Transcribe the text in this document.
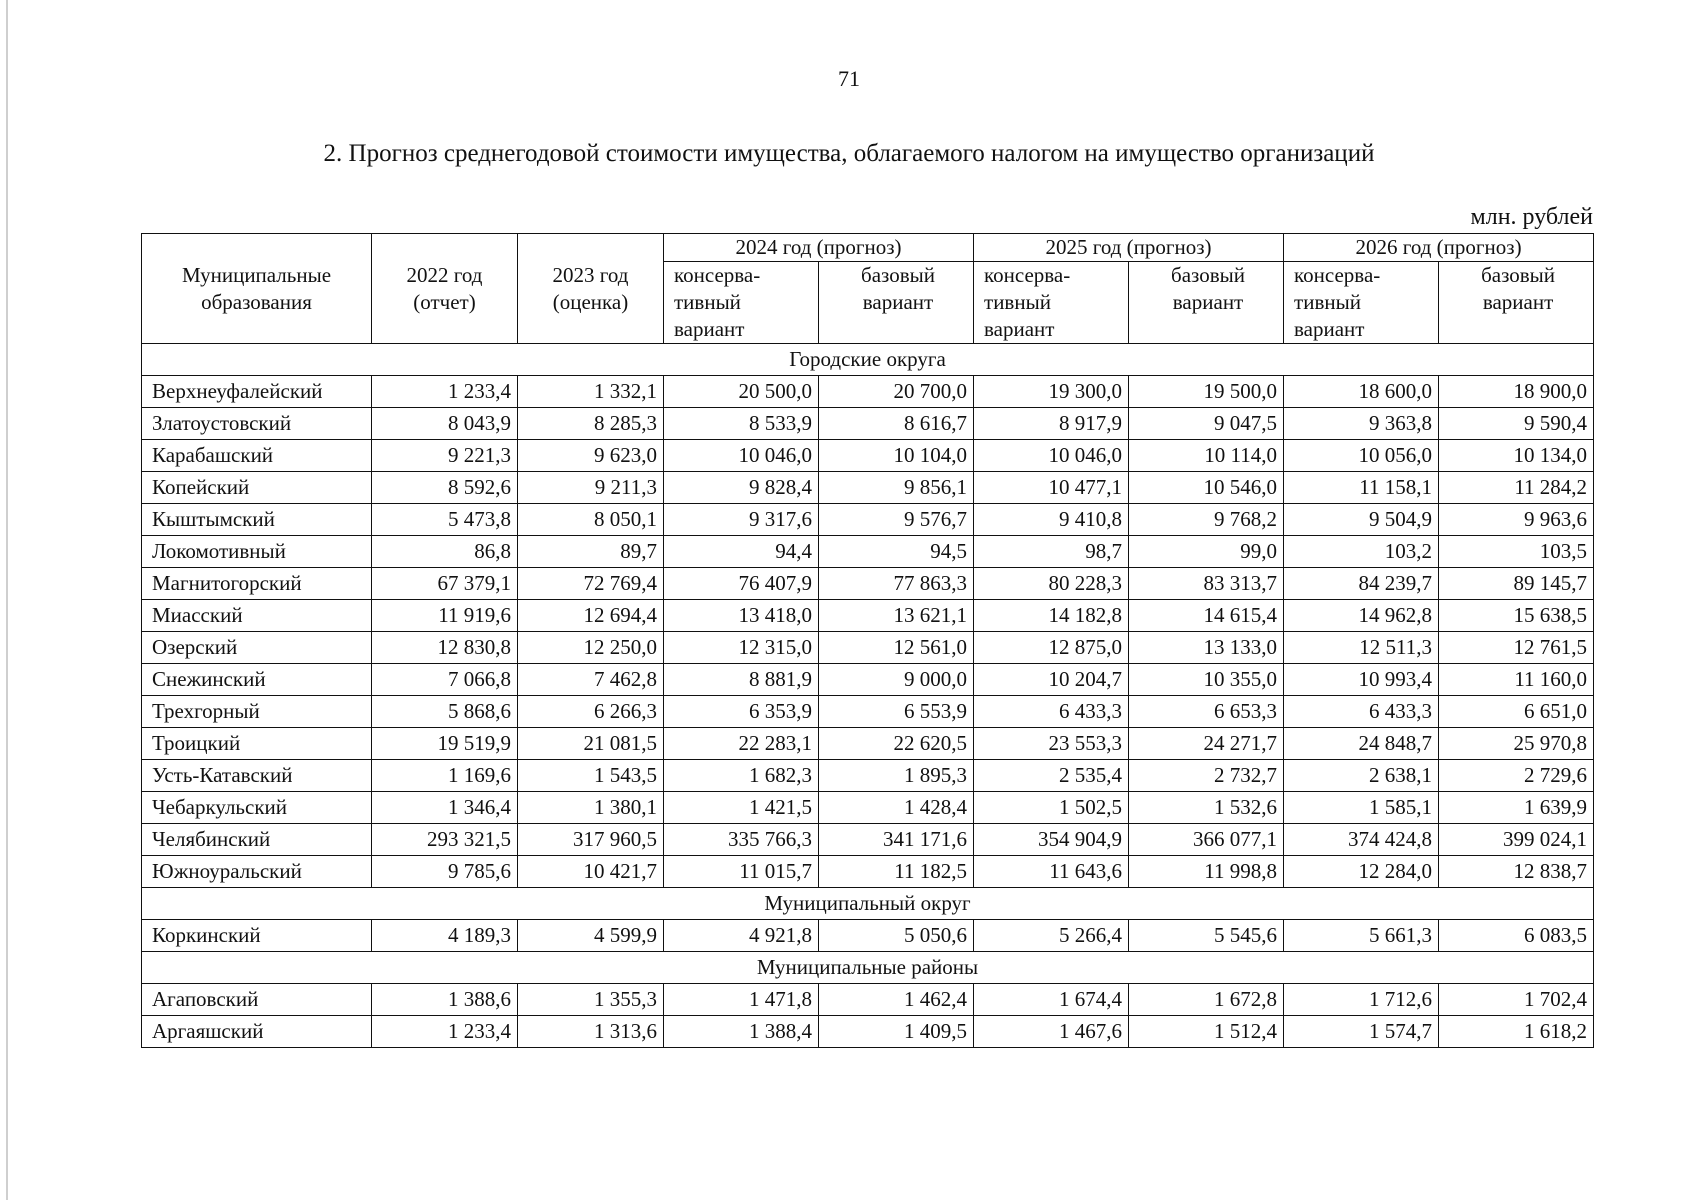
71
2. Прогноз среднегодовой стоимости имущества, облагаемого налогом на имущество организаций
млн. рублей
Муниципальные образования	2022 год (отчет)	2023 год (оценка)	2024 год (прогноз)		2025 год (прогноз)		2026 год (прогноз)	
			консерва-тивный вариант	базовый вариант	консерва-тивный вариант	базовый вариант	консерва-тивный вариант	базовый вариант
Городские округа								
Верхнеуфалейский	1 233,4	1 332,1	20 500,0	20 700,0	19 300,0	19 500,0	18 600,0	18 900,0
Златоустовский	8 043,9	8 285,3	8 533,9	8 616,7	8 917,9	9 047,5	9 363,8	9 590,4
Карабашский	9 221,3	9 623,0	10 046,0	10 104,0	10 046,0	10 114,0	10 056,0	10 134,0
Копейский	8 592,6	9 211,3	9 828,4	9 856,1	10 477,1	10 546,0	11 158,1	11 284,2
Кыштымский	5 473,8	8 050,1	9 317,6	9 576,7	9 410,8	9 768,2	9 504,9	9 963,6
Локомотивный	86,8	89,7	94,4	94,5	98,7	99,0	103,2	103,5
Магнитогорский	67 379,1	72 769,4	76 407,9	77 863,3	80 228,3	83 313,7	84 239,7	89 145,7
Миасский	11 919,6	12 694,4	13 418,0	13 621,1	14 182,8	14 615,4	14 962,8	15 638,5
Озерский	12 830,8	12 250,0	12 315,0	12 561,0	12 875,0	13 133,0	12 511,3	12 761,5
Снежинский	7 066,8	7 462,8	8 881,9	9 000,0	10 204,7	10 355,0	10 993,4	11 160,0
Трехгорный	5 868,6	6 266,3	6 353,9	6 553,9	6 433,3	6 653,3	6 433,3	6 651,0
Троицкий	19 519,9	21 081,5	22 283,1	22 620,5	23 553,3	24 271,7	24 848,7	25 970,8
Усть-Катавский	1 169,6	1 543,5	1 682,3	1 895,3	2 535,4	2 732,7	2 638,1	2 729,6
Чебаркульский	1 346,4	1 380,1	1 421,5	1 428,4	1 502,5	1 532,6	1 585,1	1 639,9
Челябинский	293 321,5	317 960,5	335 766,3	341 171,6	354 904,9	366 077,1	374 424,8	399 024,1
Южноуральский	9 785,6	10 421,7	11 015,7	11 182,5	11 643,6	11 998,8	12 284,0	12 838,7
Муниципальный округ								
Коркинский	4 189,3	4 599,9	4 921,8	5 050,6	5 266,4	5 545,6	5 661,3	6 083,5
Муниципальные районы								
Агаповский	1 388,6	1 355,3	1 471,8	1 462,4	1 674,4	1 672,8	1 712,6	1 702,4
Аргаяшский	1 233,4	1 313,6	1 388,4	1 409,5	1 467,6	1 512,4	1 574,7	1 618,2
